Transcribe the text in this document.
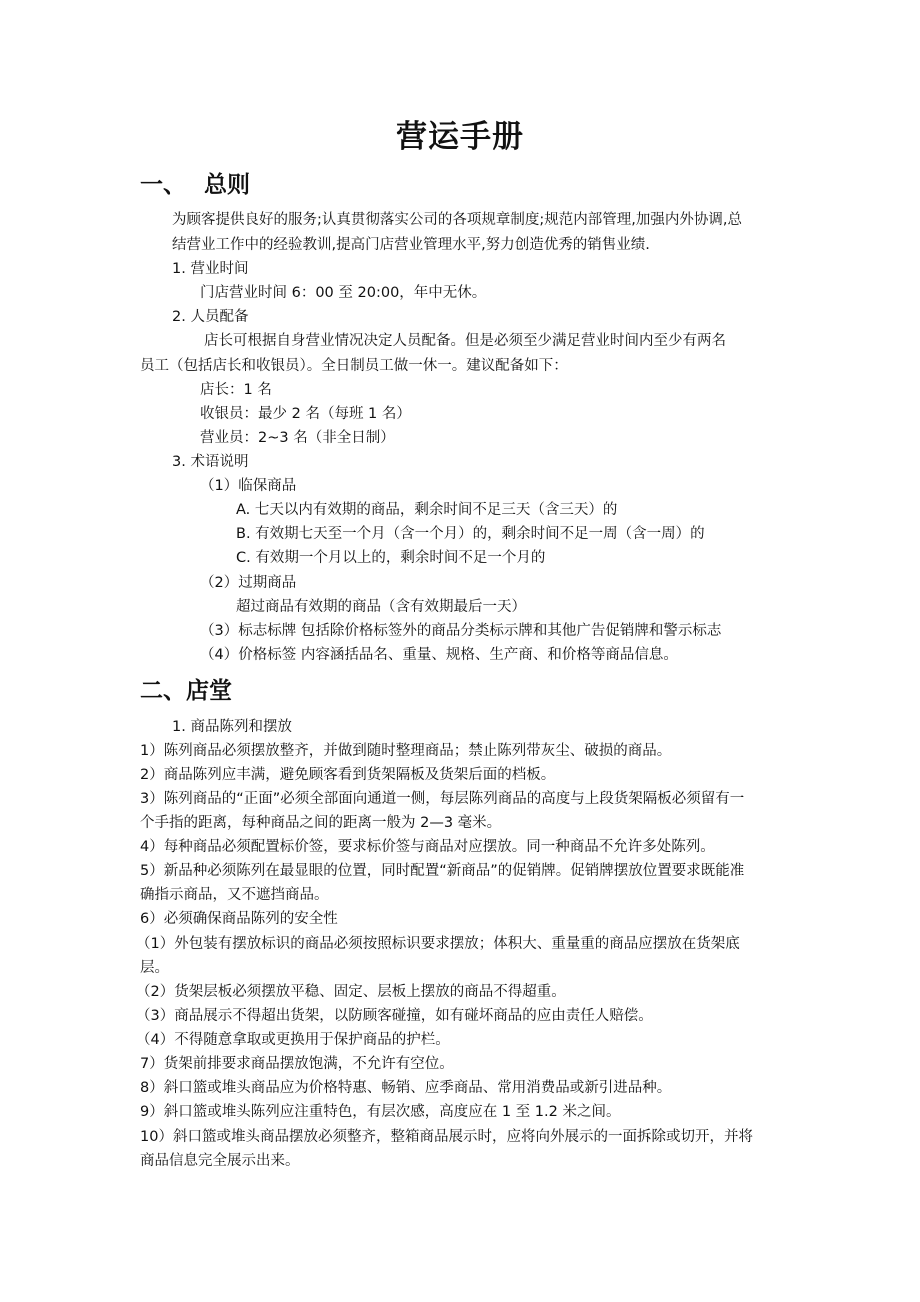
营运手册
一、 总则
为顾客提供良好的服务;认真贯彻落实公司的各项规章制度;规范内部管理,加强内外协调,总
结营业工作中的经验教训,提高门店营业管理水平,努力创造优秀的销售业绩.
1. 营业时间
门店营业时间 6：00 至 20:00，年中无休。
2. 人员配备
店长可根据自身营业情况决定人员配备。但是必须至少满足营业时间内至少有两名
员工（包括店长和收银员）。全日制员工做一休一。建议配备如下：
店长：1 名
收银员：最少 2 名（每班 1 名）
营业员：2~3 名（非全日制）
3. 术语说明
（1）临保商品
A. 七天以内有效期的商品，剩余时间不足三天（含三天）的
B. 有效期七天至一个月（含一个月）的，剩余时间不足一周（含一周）的
C. 有效期一个月以上的，剩余时间不足一个月的
（2）过期商品
超过商品有效期的商品（含有效期最后一天）
（3）标志标牌 包括除价格标签外的商品分类标示牌和其他广告促销牌和警示标志
（4）价格标签 内容涵括品名、重量、规格、生产商、和价格等商品信息。
二、店堂
1. 商品陈列和摆放
1）陈列商品必须摆放整齐，并做到随时整理商品；禁止陈列带灰尘、破损的商品。
2）商品陈列应丰满，避免顾客看到货架隔板及货架后面的档板。
3）陈列商品的“正面”必须全部面向通道一侧，每层陈列商品的高度与上段货架隔板必须留有一
个手指的距离，每种商品之间的距离一般为 2—3 毫米。
4）每种商品必须配置标价签，要求标价签与商品对应摆放。同一种商品不允许多处陈列。
5）新品种必须陈列在最显眼的位置，同时配置“新商品”的促销牌。促销牌摆放位置要求既能准
确指示商品，又不遮挡商品。
6）必须确保商品陈列的安全性
（1）外包装有摆放标识的商品必须按照标识要求摆放；体积大、重量重的商品应摆放在货架底
层。
（2）货架层板必须摆放平稳、固定、层板上摆放的商品不得超重。
（3）商品展示不得超出货架，以防顾客碰撞，如有碰坏商品的应由责任人赔偿。
（4）不得随意拿取或更换用于保护商品的护栏。
7）货架前排要求商品摆放饱满，不允许有空位。
8）斜口篮或堆头商品应为价格特惠、畅销、应季商品、常用消费品或新引进品种。
9）斜口篮或堆头陈列应注重特色，有层次感，高度应在 1 至 1.2 米之间。
10）斜口篮或堆头商品摆放必须整齐，整箱商品展示时，应将向外展示的一面拆除或切开，并将
商品信息完全展示出来。
